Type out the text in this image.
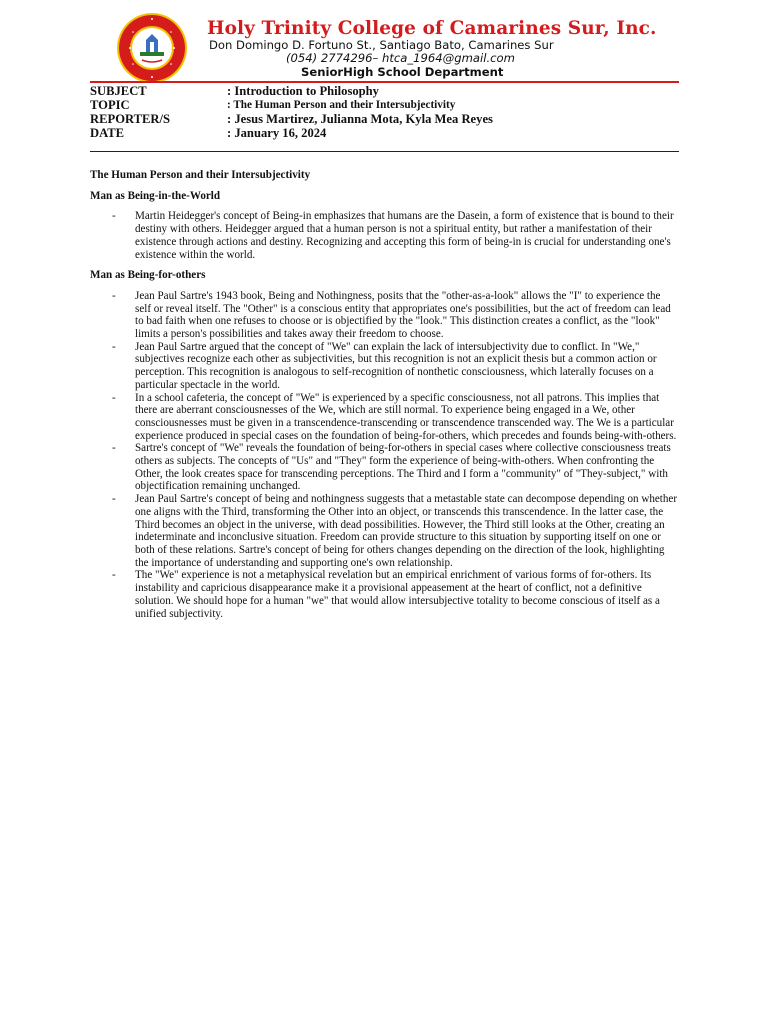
Holy Trinity College of Camarines Sur, Inc.
Don Domingo D. Fortuno St., Santiago Bato, Camarines Sur
(054) 2774296– htca_1964@gmail.com
SeniorHigh School Department
SUBJECT	: Introduction to Philosophy
TOPIC	: The Human Person and their Intersubjectivity
REPORTER/S	: Jesus Martirez, Julianna Mota, Kyla Mea Reyes
DATE	: January 16, 2024
The Human Person and their Intersubjectivity
Man as Being-in-the-World
- Martin Heidegger's concept of Being-in emphasizes that humans are the Dasein, a form of existence that is bound to their destiny with others. Heidegger argued that a human person is not a spiritual entity, but rather a manifestation of their existence through actions and destiny. Recognizing and accepting this form of being-in is crucial for understanding one's existence within the world.
Man as Being-for-others
- Jean Paul Sartre's 1943 book, Being and Nothingness, posits that the "other-as-a-look" allows the "I" to experience the self or reveal itself. The "Other" is a conscious entity that appropriates one's possibilities, but the act of freedom can lead to bad faith when one refuses to choose or is objectified by the "look." This distinction creates a conflict, as the "look" limits a person's possibilities and takes away their freedom to choose.
- Jean Paul Sartre argued that the concept of "We" can explain the lack of intersubjectivity due to conflict. In "We," subjectives recognize each other as subjectivities, but this recognition is not an explicit thesis but a common action or perception. This recognition is analogous to self-recognition of nonthetic consciousness, which laterally focuses on a particular spectacle in the world.
- In a school cafeteria, the concept of "We" is experienced by a specific consciousness, not all patrons. This implies that there are aberrant consciousnesses of the We, which are still normal. To experience being engaged in a We, other consciousnesses must be given in a transcendence-transcending or transcendence transcended way. The We is a particular experience produced in special cases on the foundation of being-for-others, which precedes and founds being-with-others.
- Sartre's concept of "We" reveals the foundation of being-for-others in special cases where collective consciousness treats others as subjects. The concepts of "Us" and "They" form the experience of being-with-others. When confronting the Other, the look creates space for transcending perceptions. The Third and I form a "community" of "They-subject," with objectification remaining unchanged.
- Jean Paul Sartre's concept of being and nothingness suggests that a metastable state can decompose depending on whether one aligns with the Third, transforming the Other into an object, or transcends this transcendence. In the latter case, the Third becomes an object in the universe, with dead possibilities. However, the Third still looks at the Other, creating an indeterminate and inconclusive situation. Freedom can provide structure to this situation by supporting itself on one or both of these relations. Sartre's concept of being for others changes depending on the direction of the look, highlighting the importance of understanding and supporting one's own relationship.
- The "We" experience is not a metaphysical revelation but an empirical enrichment of various forms of for-others. Its instability and capricious disappearance make it a provisional appeasement at the heart of conflict, not a definitive solution. We should hope for a human "we" that would allow intersubjective totality to become conscious of itself as a unified subjectivity.
